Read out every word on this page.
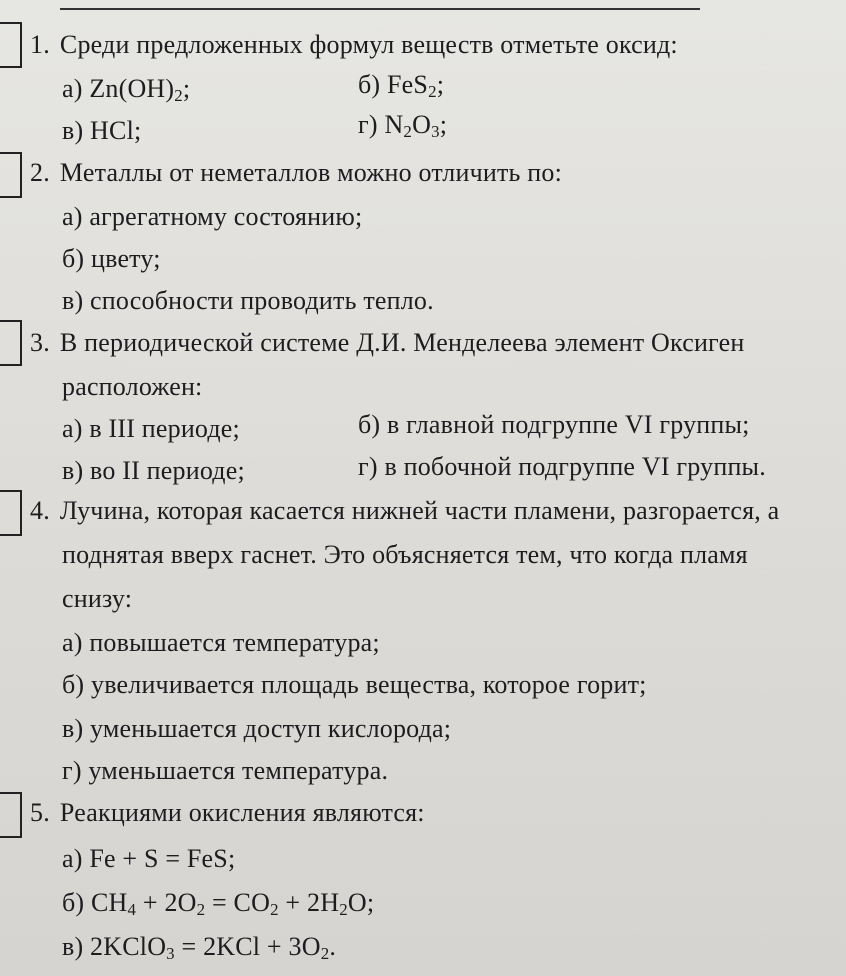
1. Среди предложенных формул веществ отметьте оксид:
а) $Zn(OH)_2$;	б) FeS$_2$;
в) HCl;	г) $N_2O_3$;
2. Металлы от неметаллов можно отличить по:
а) агрегатному состоянию;
б) цвету;
в) способности проводить тепло.
3. В периодической системе Д.И. Менделеева элемент Оксиген
расположен:
а) в III периоде;	б) в главной подгруппе VI группы;
в) во II периоде;	г) в побочной подгруппе VI группы.
4. Лучина, которая касается нижней части пламени, разгорается, а
поднятая вверх гаснет. Это объясняется тем, что когда пламя
снизу:
а) повышается температура;
б) увеличивается площадь вещества, которое горит;
в) уменьшается доступ кислорода;
г) уменьшается температура.
5. Реакциями окисления являются:
а) Fe + S = FeS;
б) $CH_4 + 2O_2 = CO_2 + 2H_2O$;
в) 2KClO$_3$ = $2KCl + 3O_2$.
